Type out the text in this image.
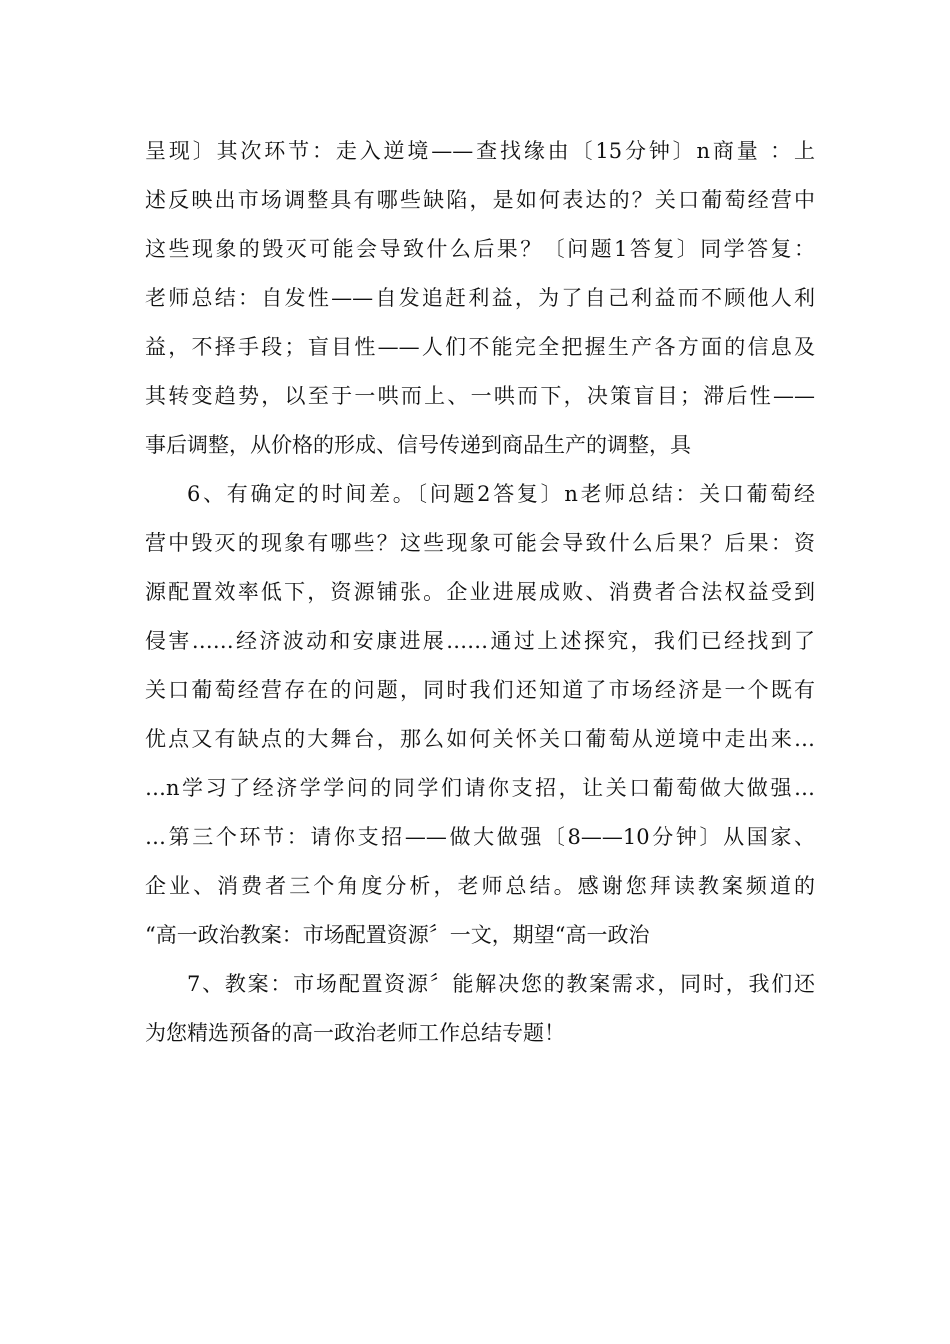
呈现〕其次环节：走入逆境——查找缘由〔15分钟〕n商量 ：上
述反映出市场调整具有哪些缺陷，是如何表达的？关口葡萄经营中
这些现象的毁灭可能会导致什么后果？〔问题1答复〕同学答复：
老师总结：自发性——自发追赶利益，为了自己利益而不顾他人利
益，不择手段；盲目性——人们不能完全把握生产各方面的信息及
其转变趋势，以至于一哄而上、一哄而下，决策盲目；滞后性——
事后调整，从价格的形成、信号传递到商品生产的调整，具
6、有确定的时间差。〔问题2答复〕n老师总结：关口葡萄经
营中毁灭的现象有哪些？这些现象可能会导致什么后果？后果：资
源配置效率低下，资源铺张。企业进展成败、消费者合法权益受到
侵害……经济波动和安康进展……通过上述探究，我们已经找到了
关口葡萄经营存在的问题，同时我们还知道了市场经济是一个既有
优点又有缺点的大舞台，那么如何关怀关口葡萄从逆境中走出来…
…n学习了经济学学问的同学们请你支招，让关口葡萄做大做强…
…第三个环节：请你支招——做大做强〔8——10分钟〕从国家、
企业、消费者三个角度分析，老师总结。感谢您拜读教案频道的
“高一政治教案：市场配置资源〞一文，期望“高一政治
7、教案：市场配置资源〞能解决您的教案需求，同时，我们还
为您精选预备的高一政治老师工作总结专题！
